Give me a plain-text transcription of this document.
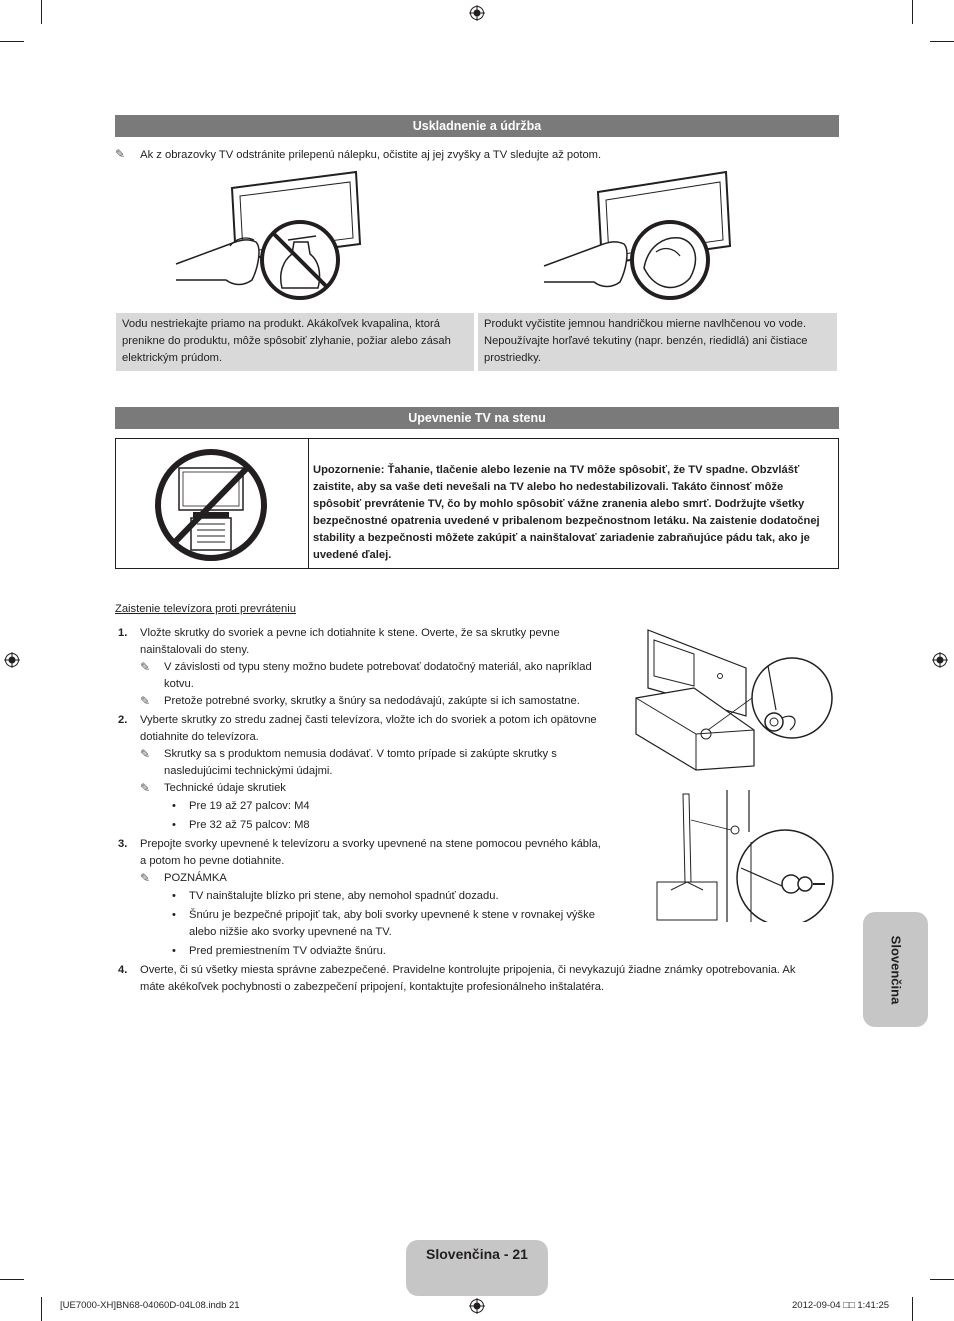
Uskladnenie a údržba
✎ Ak z obrazovky TV odstránite prilepenú nálepku, očistite aj jej zvyšky a TV sledujte až potom.
Vodu nestriekajte priamo na produkt. Akákoľvek kvapalina, ktorá prenikne do produktu, môže spôsobiť zlyhanie, požiar alebo zásah elektrickým prúdom.
Produkt vyčistite jemnou handričkou mierne navlhčenou vo vode. Nepoužívajte horľavé tekutiny (napr. benzén, riedidlá) ani čistiace prostriedky.
Upevnenie TV na stenu
Upozornenie: Ťahanie, tlačenie alebo lezenie na TV môže spôsobiť, že TV spadne. Obzvlášť zaistite, aby sa vaše deti nevešali na TV alebo ho nedestabilizovali. Takáto činnosť môže spôsobiť prevrátenie TV, čo by mohlo spôsobiť vážne zranenia alebo smrť. Dodržujte všetky bezpečnostné opatrenia uvedené v pribalenom bezpečnostnom letáku. Na zaistenie dodatočnej stability a bezpečnosti môžete zakúpiť a nainštalovať zariadenie zabraňujúce pádu tak, ako je uvedené ďalej.
Zaistenie televízora proti prevráteniu
1. Vložte skrutky do svoriek a pevne ich dotiahnite k stene. Overte, že sa skrutky pevne nainštalovali do steny.
✎	V závislosti od typu steny možno budete potrebovať dodatočný materiál, ako napríklad kotvu.
✎	Pretože potrebné svorky, skrutky a šnúry sa nedodávajú, zakúpte si ich samostatne.
2. Vyberte skrutky zo stredu zadnej časti televízora, vložte ich do svoriek a potom ich opätovne dotiahnite do televízora.
✎	Skrutky sa s produktom nemusia dodávať. V tomto prípade si zakúpte skrutky s nasledujúcimi technickými údajmi.
✎	Technické údaje skrutiek
• Pre 19 až 27 palcov: M4
• Pre 32 až 75 palcov: M8
3. Prepojte svorky upevnené k televízoru a svorky upevnené na stene pomocou pevného kábla, a potom ho pevne dotiahnite.
✎	POZNÁMKA
• TV nainštalujte blízko pri stene, aby nemohol spadnúť dozadu.
• Šnúru je bezpečné pripojiť tak, aby boli svorky upevnené k stene v rovnakej výške alebo nižšie ako svorky upevnené na TV.
• Pred premiestnením TV odviažte šnúru.
4. Overte, či sú všetky miesta správne zabezpečené. Pravidelne kontrolujte pripojenia, či nevykazujú žiadne známky opotrebovania. Ak máte akékoľvek pochybnosti o zabezpečení pripojení, kontaktujte profesionálneho inštalatéra.	Slovenčina
Slovenčina - 21
[UE7000-XH]BN68-04060D-04L08.indb 21	2012-09-04 □□ 1:41:25
